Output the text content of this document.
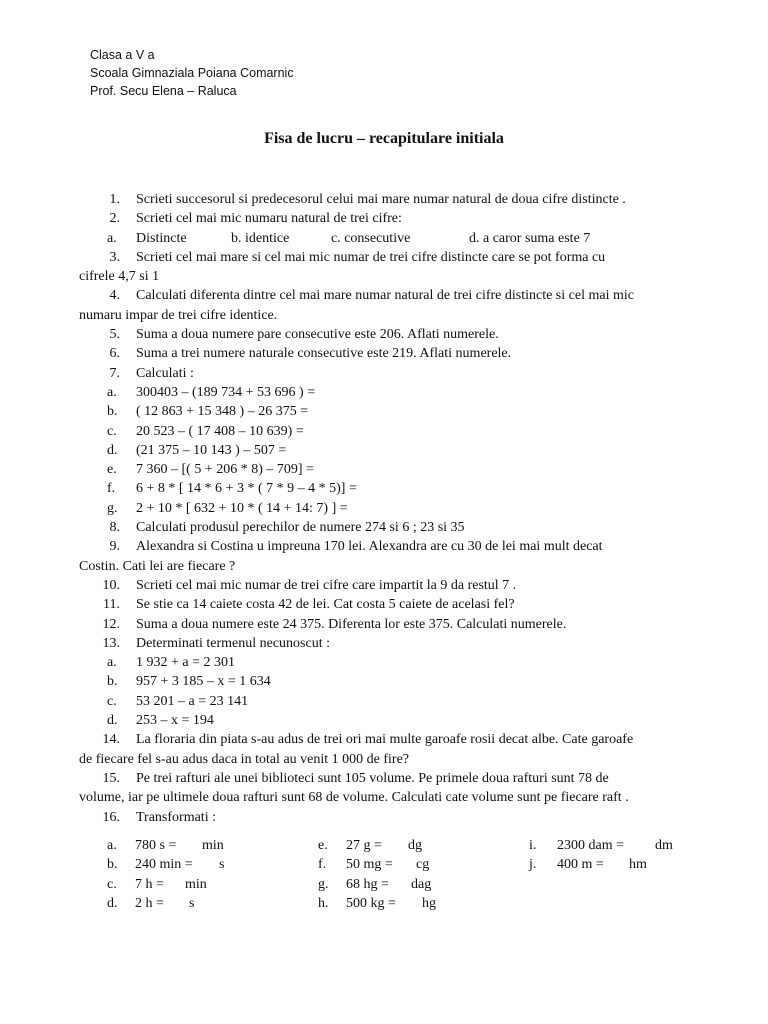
Clasa a V a
Scoala Gimnaziala Poiana Comarnic
Prof. Secu Elena – Raluca
Fisa de lucru – recapitulare initiala
1.	Scrieti succesorul si predecesorul celui mai mare numar natural de doua cifre distincte .
2.	Scrieti cel mai mic numaru natural de trei cifre:
a. Distincte	b. identice	c. consecutive	d. a caror suma este 7
3.	Scrieti cel mai mare si cel mai mic numar de trei cifre distincte care se pot forma cu
cifrele 4,7 si 1
4.	Calculati diferenta dintre cel mai mare numar natural de trei cifre distincte si cel mai mic
numaru impar de trei cifre identice.
5.	Suma a doua numere pare consecutive este 206. Aflati numerele.
6.	Suma a trei numere naturale consecutive este 219. Aflati numerele.
7.	Calculati :
a.	300403 – (189 734 + 53 696 ) =
b.	( 12 863 + 15 348 ) – 26 375 =
c.	20 523 – ( 17 408 – 10 639) =
d.	(21 375 – 10 143 ) – 507 =
e.	7 360 – [( 5 + 206 * 8) – 709] =
f.	6 + 8 * [ 14 * 6 + 3 * ( 7 * 9 – 4 * 5)] =
g.	2 + 10 * [ 632 + 10 * ( 14 + 14: 7) ] =
8.	Calculati produsul perechilor de numere 274 si 6 ; 23 si 35
9.	Alexandra si Costina u impreuna 170 lei. Alexandra are cu 30 de lei mai mult decat
Costin. Cati lei are fiecare ?
10.	Scrieti cel mai mic numar de trei cifre care impartit la 9 da restul 7 .
11.	Se stie ca 14 caiete costa 42 de lei. Cat costa 5 caiete de acelasi fel?
12.	Suma a doua numere este 24 375. Diferenta lor este 375. Calculati numerele.
13.	Determinati termenul necunoscut :
a.	1 932 + a = 2 301
b.	957 + 3 185 – x = 1 634
c.	53 201 – a = 23 141
d.	253 – x = 194
14.	La floraria din piata s-au adus de trei ori mai multe garoafe rosii decat albe. Cate garoafe
de fiecare fel s-au adus daca in total au venit 1 000 de fire?
15.	Pe trei rafturi ale unei biblioteci sunt 105 volume. Pe primele doua rafturi sunt 78 de
volume, iar pe ultimele doua rafturi sunt 68 de volume. Calculati cate volume sunt pe fiecare raft .
16.	Transformati :
a. 780 s = min
b. 240 min = s
c. 7 h = min
d. 2 h = s
e. 27 g = dg
f. 50 mg = cg
g. 68 hg = dag
h. 500 kg = hg
i. 2300 dam = dm
j. 400 m = hm
